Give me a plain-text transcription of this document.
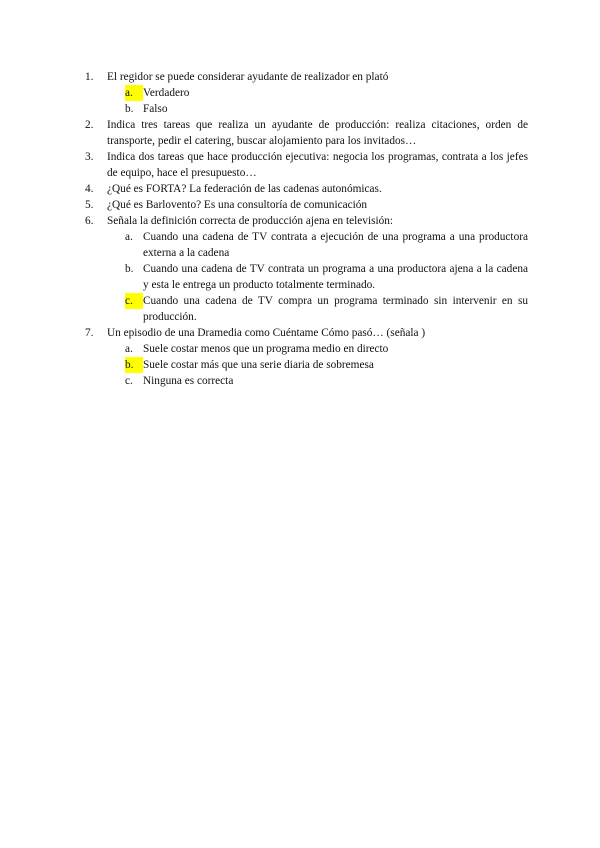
1.	El regidor se puede considerar ayudante de realizador en plató
a. Verdadero
b. Falso
2.	Indica tres tareas que realiza un ayudante de producción: realiza citaciones, orden de transporte, pedir el catering, buscar alojamiento para los invitados…
3.	Indica dos tareas que hace producción ejecutiva: negocia los programas, contrata a los jefes de equipo, hace el presupuesto…
4.	¿Qué es FORTA? La federación de las cadenas autonómicas.
5.	¿Qué es Barlovento? Es una consultoría de comunicación
6.	Señala la definición correcta de producción ajena en televisión:
a. Cuando una cadena de TV contrata a ejecución de una programa a una productora externa a la cadena
b. Cuando una cadena de TV contrata un programa a una productora ajena a la cadena y esta le entrega un producto totalmente terminado.
c. Cuando una cadena de TV compra un programa terminado sin intervenir en su producción.
7.	Un episodio de una Dramedia como Cuéntame Cómo pasó… (señala )
a. Suele costar menos que un programa medio en directo
b. Suele costar más que una serie diaria de sobremesa
c. Ninguna es correcta
